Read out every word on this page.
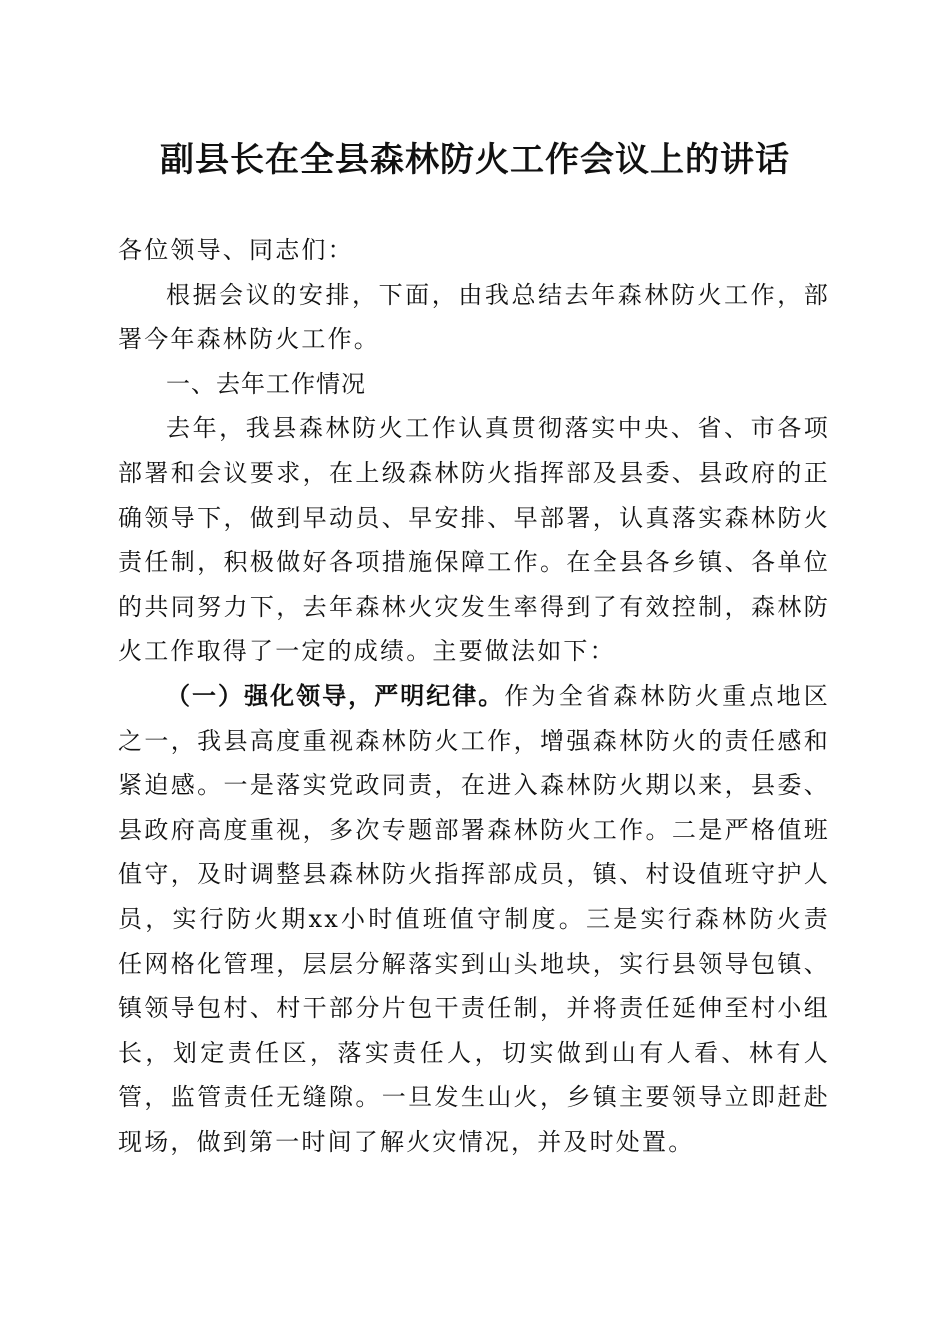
副县长在全县森林防火工作会议上的讲话

各位领导、同志们：

根据会议的安排，下面，由我总结去年森林防火工作，部署今年森林防火工作。

一、去年工作情况

去年，我县森林防火工作认真贯彻落实中央、省、市各项部署和会议要求，在上级森林防火指挥部及县委、县政府的正确领导下，做到早动员、早安排、早部署，认真落实森林防火责任制，积极做好各项措施保障工作。在全县各乡镇、各单位的共同努力下，去年森林火灾发生率得到了有效控制，森林防火工作取得了一定的成绩。主要做法如下：

（一）强化领导，严明纪律。作为全省森林防火重点地区之一，我县高度重视森林防火工作，增强森林防火的责任感和紧迫感。一是落实党政同责，在进入森林防火期以来，县委、县政府高度重视，多次专题部署森林防火工作。二是严格值班值守，及时调整县森林防火指挥部成员，镇、村设值班守护人员，实行防火期xx小时值班值守制度。三是实行森林防火责任网格化管理，层层分解落实到山头地块，实行县领导包镇、镇领导包村、村干部分片包干责任制，并将责任延伸至村小组长，划定责任区，落实责任人，切实做到山有人看、林有人管，监管责任无缝隙。一旦发生山火，乡镇主要领导立即赶赴现场，做到第一时间了解火灾情况，并及时处置。
